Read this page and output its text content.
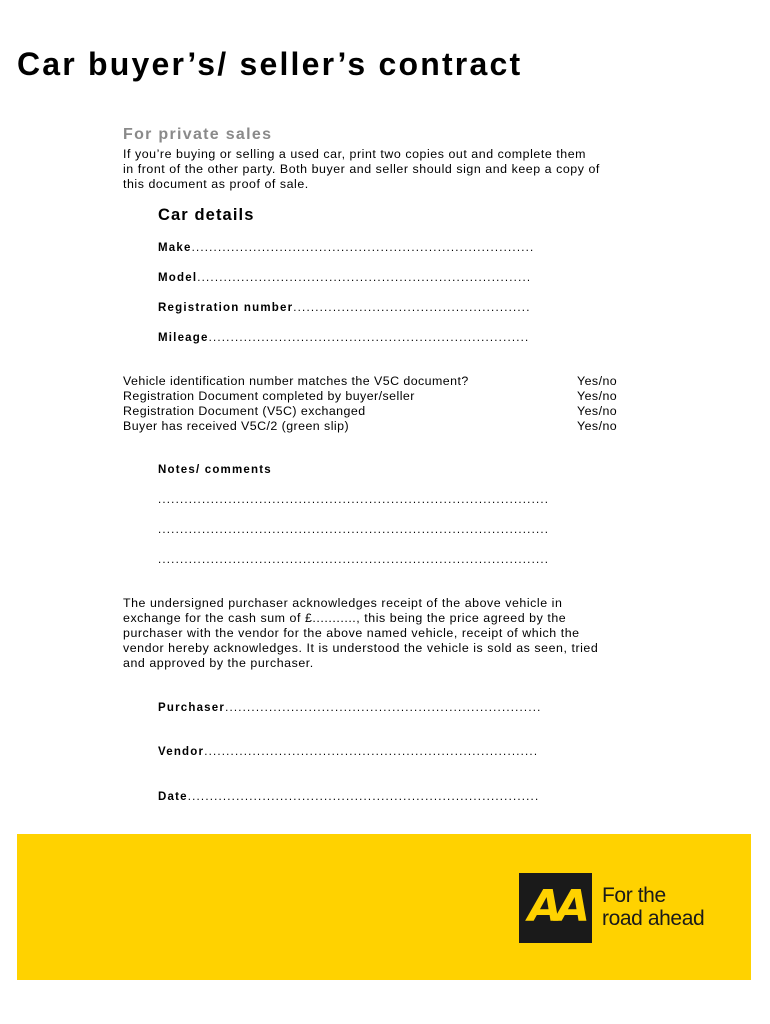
Car buyer’s/ seller’s contract
For private sales

If you’re buying or selling a used car, print two copies out and complete them
in front of the other party. Both buyer and seller should sign and keep a copy of
this document as proof of sale.

Car details
Make..............................................................................
Model............................................................................
Registration number......................................................
Mileage.........................................................................
Vehicle identification number matches the V5C document?	Yes/no
Registration Document completed by buyer/seller	Yes/no
Registration Document (V5C) exchanged	Yes/no
Buyer has received V5C/2 (green slip)	Yes/no
Notes/ comments
.........................................................................................
.........................................................................................
.........................................................................................

The undersigned purchaser acknowledges receipt of the above vehicle in
exchange for the cash sum of £..........., this being the price agreed by the
purchaser with the vendor for the above named vehicle, receipt of which the
vendor hereby acknowledges. It is understood the vehicle is sold as seen, tried
and approved by the purchaser.

Purchaser........................................................................
Vendor............................................................................
Date................................................................................
AA For the
road ahead
